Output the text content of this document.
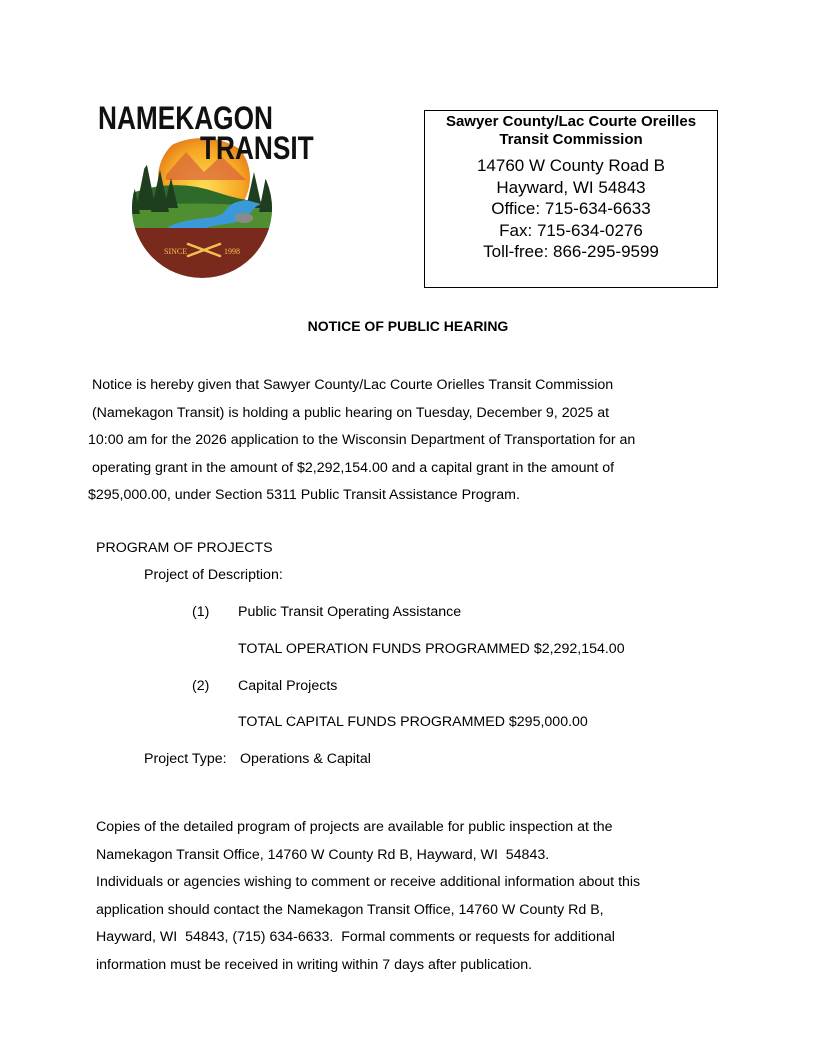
SINCE	1998
NAMEKAGON
TRANSIT
Sawyer County/Lac Courte Oreilles
Transit Commission
14760 W County Road B
Hayward, WI 54843
Office: 715-634-6633
Fax: 715-634-0276
Toll-free: 866-295-9599
NOTICE OF PUBLIC HEARING
Notice is hereby given that Sawyer County/Lac Courte Orielles Transit Commission
(Namekagon Transit) is holding a public hearing on Tuesday, December 9, 2025 at
10:00 am for the 2026 application to the Wisconsin Department of Transportation for an
operating grant in the amount of $2,292,154.00 and a capital grant in the amount of
$295,000.00, under Section 5311 Public Transit Assistance Program.
PROGRAM OF PROJECTS
Project of Description:
(1) Public Transit Operating Assistance
TOTAL OPERATION FUNDS PROGRAMMED $2,292,154.00
(2) Capital Projects
TOTAL CAPITAL FUNDS PROGRAMMED $295,000.00
Project Type: Operations & Capital
Copies of the detailed program of projects are available for public inspection at the
Namekagon Transit Office, 14760 W County Rd B, Hayward, WI  54843.
Individuals or agencies wishing to comment or receive additional information about this
application should contact the Namekagon Transit Office, 14760 W County Rd B,
Hayward, WI  54843, (715) 634-6633.  Formal comments or requests for additional
information must be received in writing within 7 days after publication.
